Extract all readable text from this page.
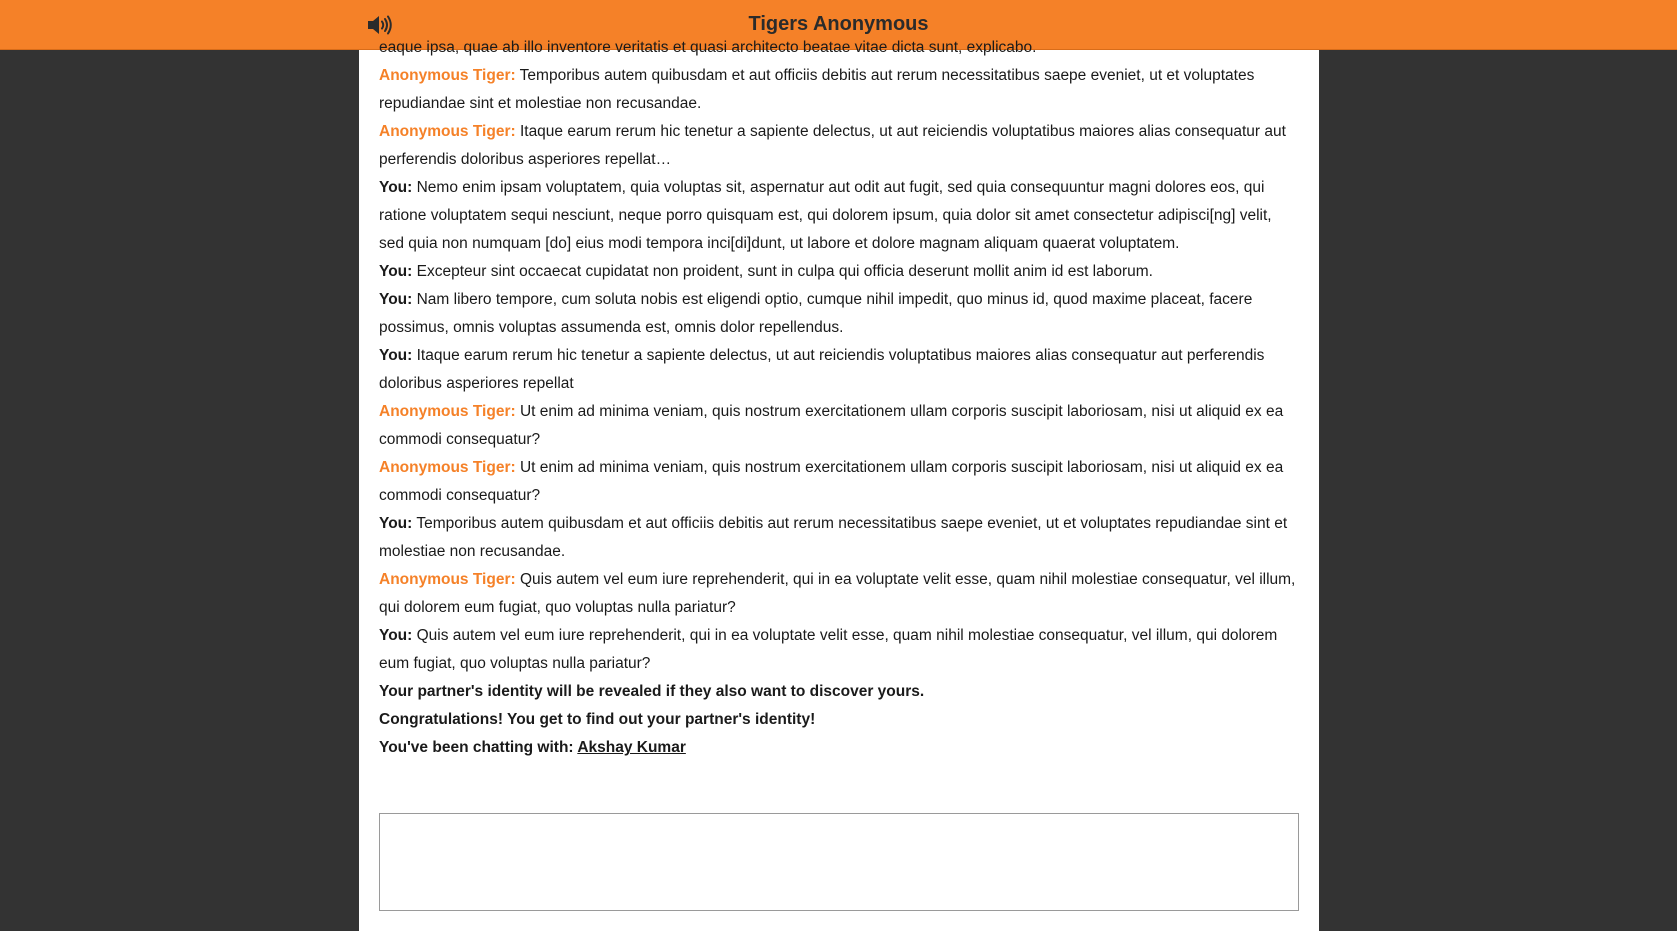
Tigers Anonymous
eaque ipsa, quae ab illo inventore veritatis et quasi architecto beatae vitae dicta sunt, explicabo.
Anonymous Tiger: Temporibus autem quibusdam et aut officiis debitis aut rerum necessitatibus saepe eveniet, ut et voluptates repudiandae sint et molestiae non recusandae.
Anonymous Tiger: Itaque earum rerum hic tenetur a sapiente delectus, ut aut reiciendis voluptatibus maiores alias consequatur aut perferendis doloribus asperiores repellat…
You: Nemo enim ipsam voluptatem, quia voluptas sit, aspernatur aut odit aut fugit, sed quia consequuntur magni dolores eos, qui ratione voluptatem sequi nesciunt, neque porro quisquam est, qui dolorem ipsum, quia dolor sit amet consectetur adipisci[ng] velit, sed quia non numquam [do] eius modi tempora inci[di]dunt, ut labore et dolore magnam aliquam quaerat voluptatem.
You: Excepteur sint occaecat cupidatat non proident, sunt in culpa qui officia deserunt mollit anim id est laborum.
You: Nam libero tempore, cum soluta nobis est eligendi optio, cumque nihil impedit, quo minus id, quod maxime placeat, facere possimus, omnis voluptas assumenda est, omnis dolor repellendus.
You: Itaque earum rerum hic tenetur a sapiente delectus, ut aut reiciendis voluptatibus maiores alias consequatur aut perferendis doloribus asperiores repellat
Anonymous Tiger: Ut enim ad minima veniam, quis nostrum exercitationem ullam corporis suscipit laboriosam, nisi ut aliquid ex ea commodi consequatur?
Anonymous Tiger: Ut enim ad minima veniam, quis nostrum exercitationem ullam corporis suscipit laboriosam, nisi ut aliquid ex ea commodi consequatur?
You: Temporibus autem quibusdam et aut officiis debitis aut rerum necessitatibus saepe eveniet, ut et voluptates repudiandae sint et molestiae non recusandae.
Anonymous Tiger: Quis autem vel eum iure reprehenderit, qui in ea voluptate velit esse, quam nihil molestiae consequatur, vel illum, qui dolorem eum fugiat, quo voluptas nulla pariatur?
You: Quis autem vel eum iure reprehenderit, qui in ea voluptate velit esse, quam nihil molestiae consequatur, vel illum, qui dolorem eum fugiat, quo voluptas nulla pariatur?
Your partner's identity will be revealed if they also want to discover yours.
Congratulations! You get to find out your partner's identity!
You've been chatting with: Akshay Kumar
